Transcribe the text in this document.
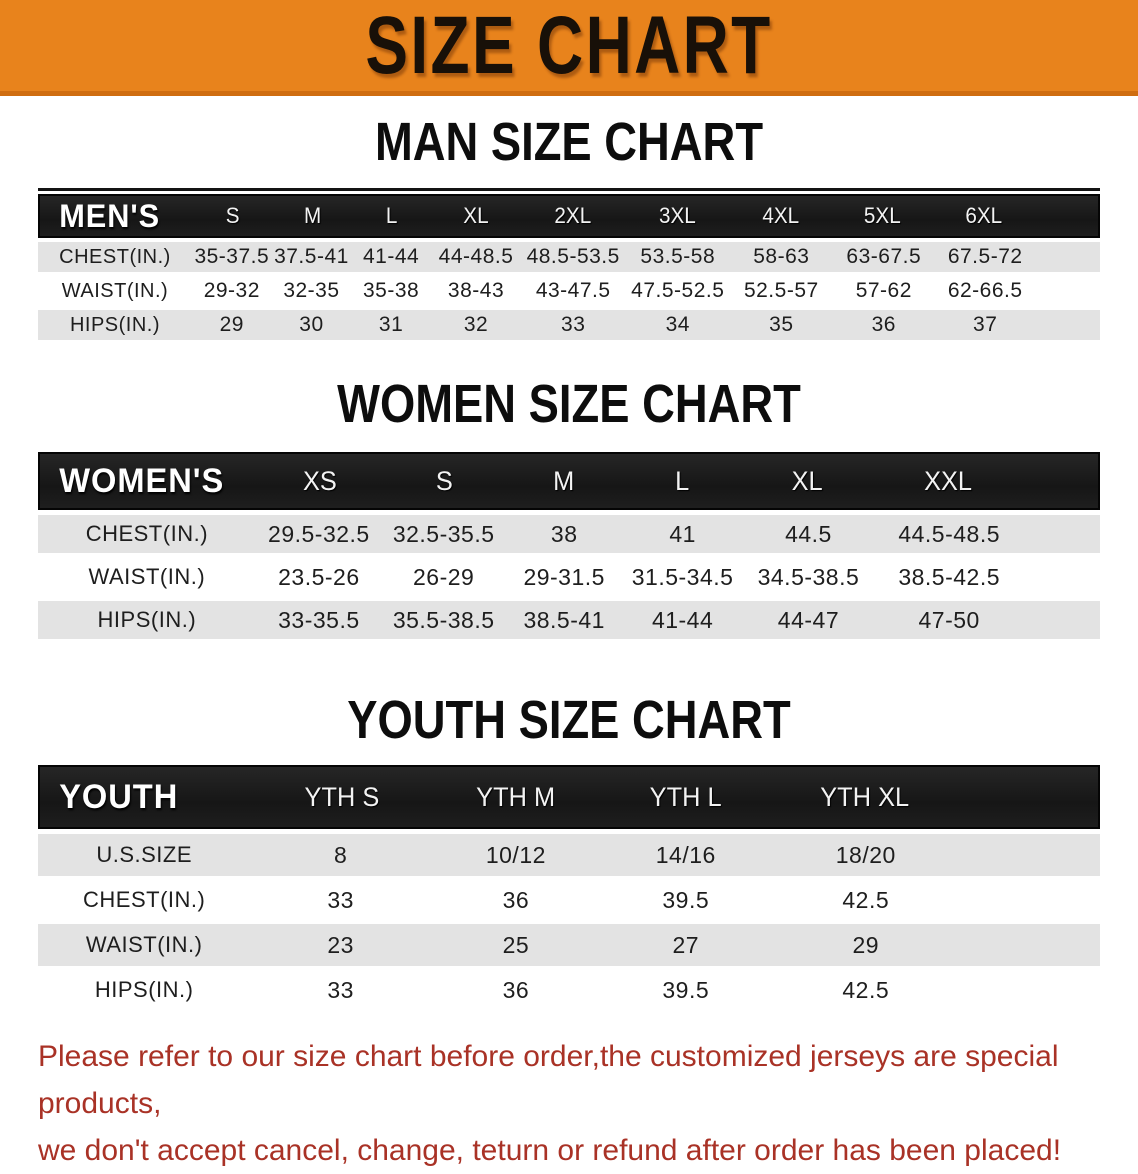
SIZE CHART
MAN SIZE CHART
MEN'S	S	M	L	XL	2XL	3XL	4XL	5XL	6XL
CHEST(IN.)	35-37.5 37.5-41 41-44 44-48.5 48.5-53.5 53.5-58	58-63	63-67.5	67.5-72
WAIST(IN.)	29-32	32-35	35-38	38-43	43-47.5 47.5-52.5 52.5-57	57-62	62-66.5
HIPS(IN.)	29	30	31	32	33	34	35	36	37
WOMEN SIZE CHART
WOMEN'S	XS	S	M	L	XL	XXL
CHEST(IN.)	29.5-32.5	32.5-35.5	38	41	44.5	44.5-48.5
WAIST(IN.)	23.5-26	26-29	29-31.5	31.5-34.5	34.5-38.5	38.5-42.5
HIPS(IN.)	33-35.5	35.5-38.5	38.5-41	41-44	44-47	47-50
YOUTH SIZE CHART
YOUTH	YTH S	YTH M	YTH L	YTH XL
U.S.SIZE	8	10/12	14/16	18/20
CHEST(IN.)	33	36	39.5	42.5
WAIST(IN.)	23	25	27	29
HIPS(IN.)	33	36	39.5	42.5
Please refer to our size chart before order,the customized jerseys are special products,
we don't accept cancel, change, teturn or refund after order has been placed!
